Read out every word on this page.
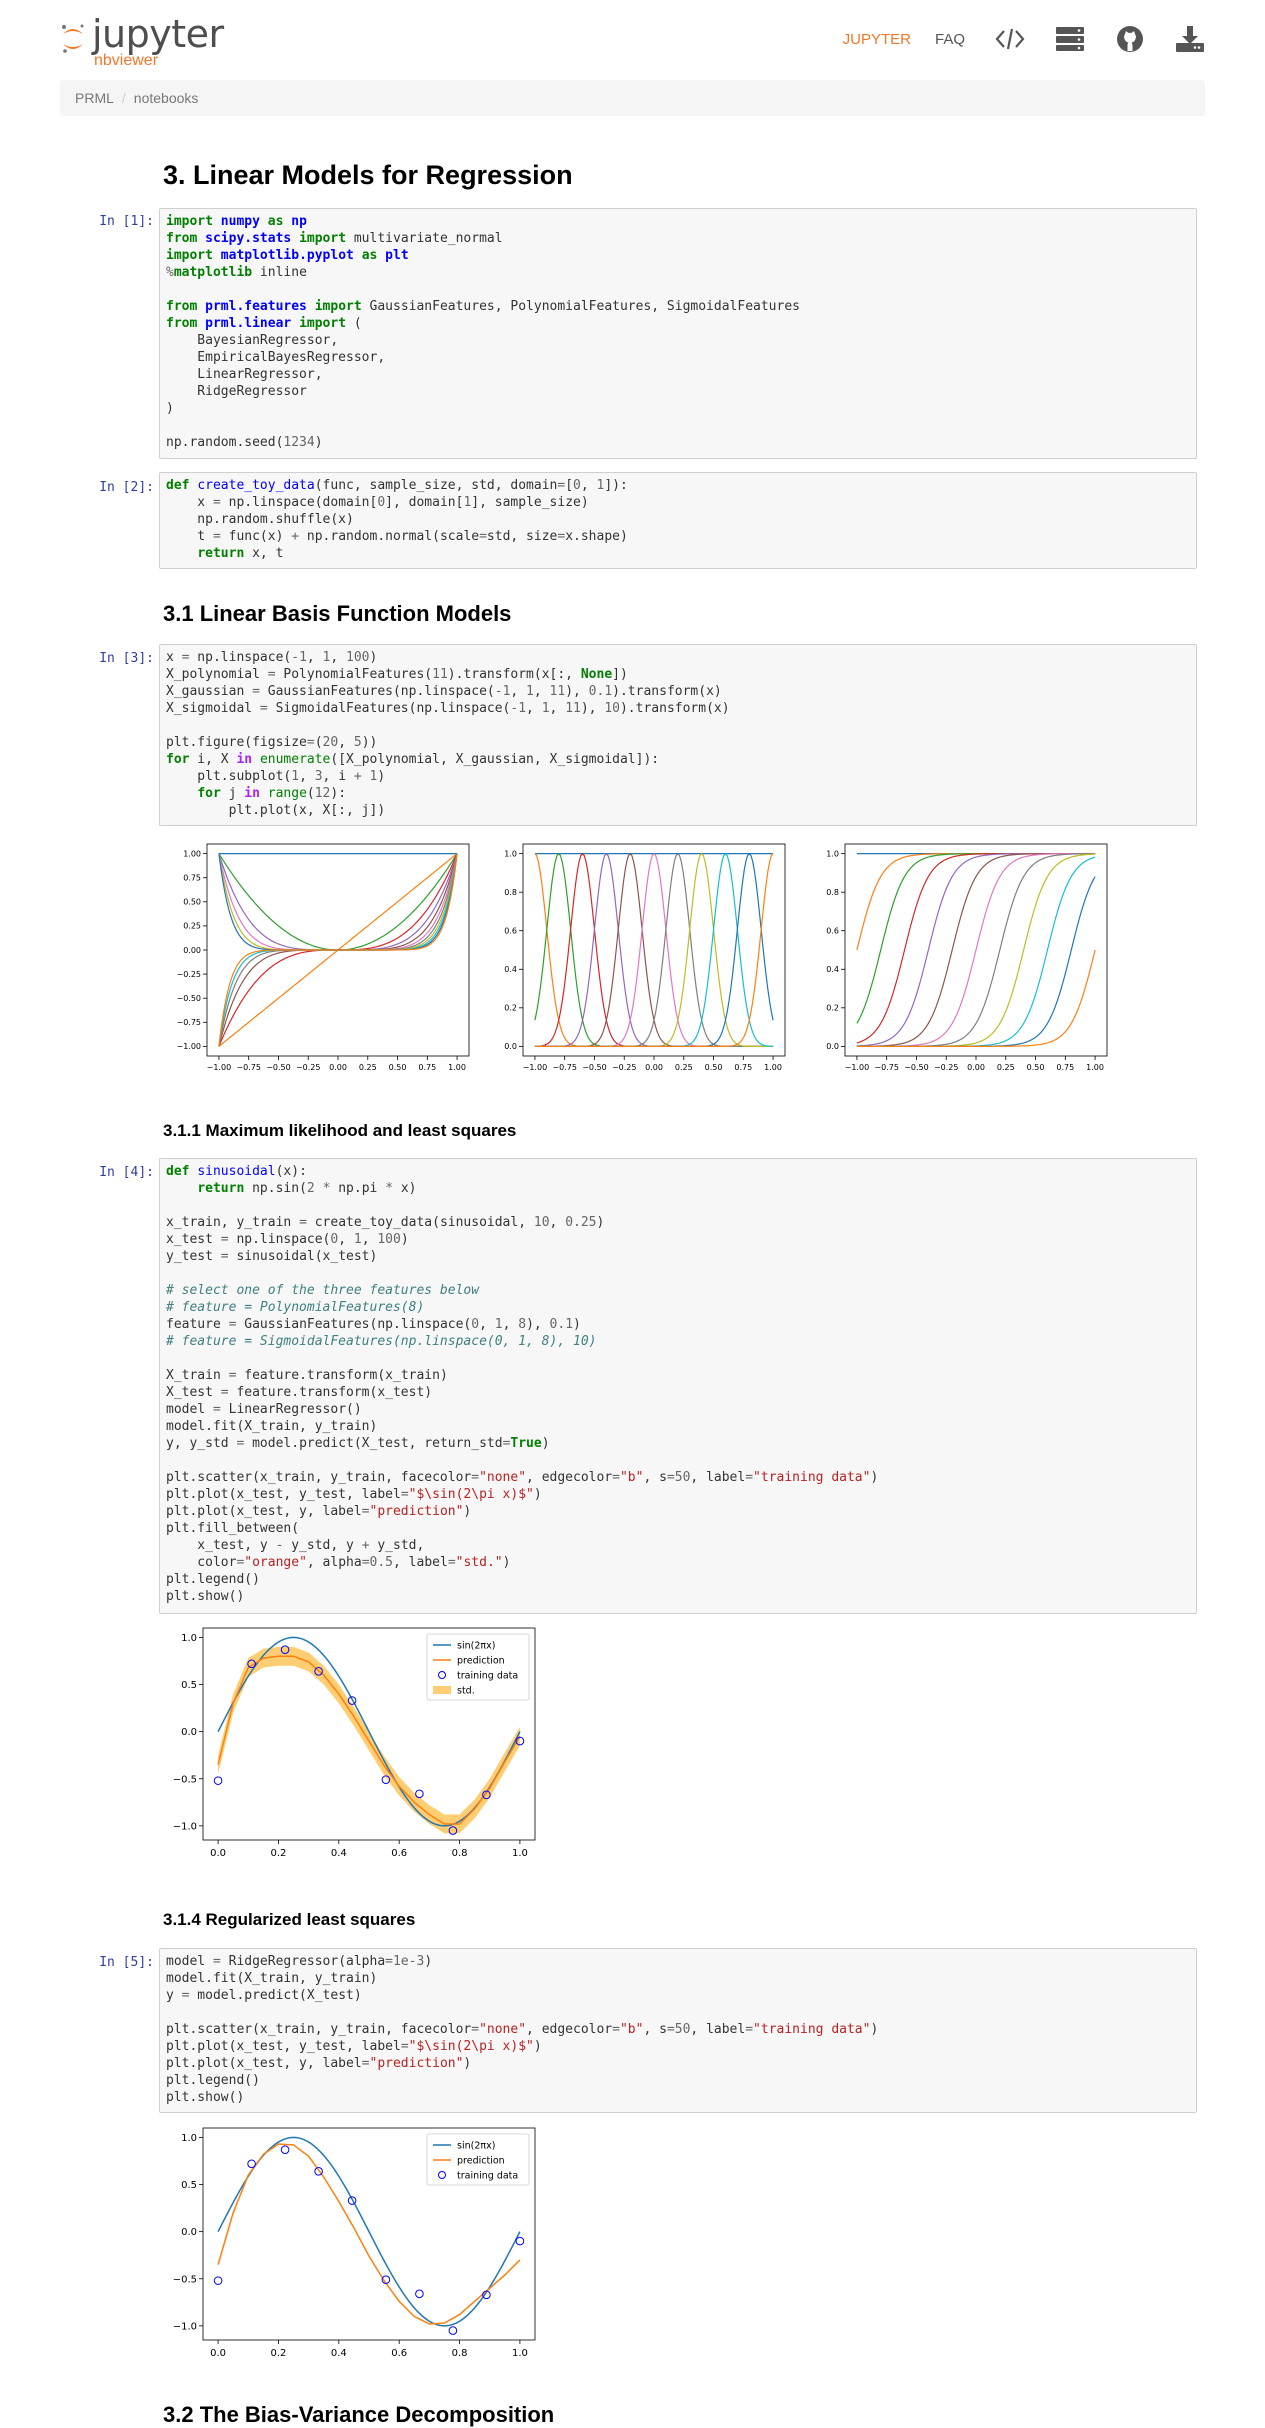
jupyter
nbviewer
JUPYTER FAQ
PRML / notebooks
3. Linear Models for Regression
In [1]: import numpy as np
from scipy.stats import multivariate_normal
import matplotlib.pyplot as plt
%matplotlib inline

from prml.features import GaussianFeatures, PolynomialFeatures, SigmoidalFeatures
from prml.linear import (
BayesianRegressor,
EmpiricalBayesRegressor,
LinearRegressor,
RidgeRegressor
)

np.random.seed(1234)
In [2]: def create_toy_data(func, sample_size, std, domain=[0, 1]):
x = np.linspace(domain[0], domain[1], sample_size)
np.random.shuffle(x)
t = func(x) + np.random.normal(scale=std, size=x.shape)
return x, t
3.1 Linear Basis Function Models
In [3]: x = np.linspace(-1, 1, 100)
X_polynomial = PolynomialFeatures(11).transform(x[:, None])
X_gaussian = GaussianFeatures(np.linspace(-1, 1, 11), 0.1).transform(x)
X_sigmoidal = SigmoidalFeatures(np.linspace(-1, 1, 11), 10).transform(x)

plt.figure(figsize=(20, 5))
for i, X in enumerate([X_polynomial, X_gaussian, X_sigmoidal]):
plt.subplot(1, 3, i + 1)
for j in range(12):
plt.plot(x, X[:, j])
−1.00 −0.75 −0.50 −0.25 0.00 0.25 0.50 0.75 1.00
−1.00
−0.75
−0.50
−0.25
0.00
0.25
0.50
0.75
1.00
−1.00 −0.75 −0.50 −0.25 0.00 0.25 0.50 0.75 1.00
0.0
0.2
0.4
0.6
0.8
1.0
−1.00 −0.75 −0.50 −0.25 0.00 0.25 0.50 0.75 1.00
0.0
0.2
0.4
0.6
0.8
1.0
3.1.1 Maximum likelihood and least squares
In [4]: def sinusoidal(x):
return np.sin(2 * np.pi * x)

x_train, y_train = create_toy_data(sinusoidal, 10, 0.25)
x_test = np.linspace(0, 1, 100)
y_test = sinusoidal(x_test)

# select one of the three features below
# feature = PolynomialFeatures(8)
feature = GaussianFeatures(np.linspace(0, 1, 8), 0.1)
# feature = SigmoidalFeatures(np.linspace(0, 1, 8), 10)

X_train = feature.transform(x_train)
X_test = feature.transform(x_test)
model = LinearRegressor()
model.fit(X_train, y_train)
y, y_std = model.predict(X_test, return_std=True)

plt.scatter(x_train, y_train, facecolor="none", edgecolor="b", s=50, label="training data")
plt.plot(x_test, y_test, label="$\sin(2\pi x)$")
plt.plot(x_test, y, label="prediction")
plt.fill_between(
x_test, y - y_std, y + y_std,
color="orange", alpha=0.5, label="std.")
plt.legend()
plt.show()
0.0	0.2	0.4	0.6	0.8	1.0
−1.0
−0.5
0.0
0.5
1.0
sin(2πx)
prediction
training data
std.
3.1.4 Regularized least squares
In [5]: model = RidgeRegressor(alpha=1e-3)
model.fit(X_train, y_train)
y = model.predict(X_test)

plt.scatter(x_train, y_train, facecolor="none", edgecolor="b", s=50, label="training data")
plt.plot(x_test, y_test, label="$\sin(2\pi x)$")
plt.plot(x_test, y, label="prediction")
plt.legend()
plt.show()
0.0	0.2	0.4	0.6	0.8	1.0
−1.0
−0.5
0.0
0.5
1.0
sin(2πx)
prediction
training data
3.2 The Bias-Variance Decomposition
